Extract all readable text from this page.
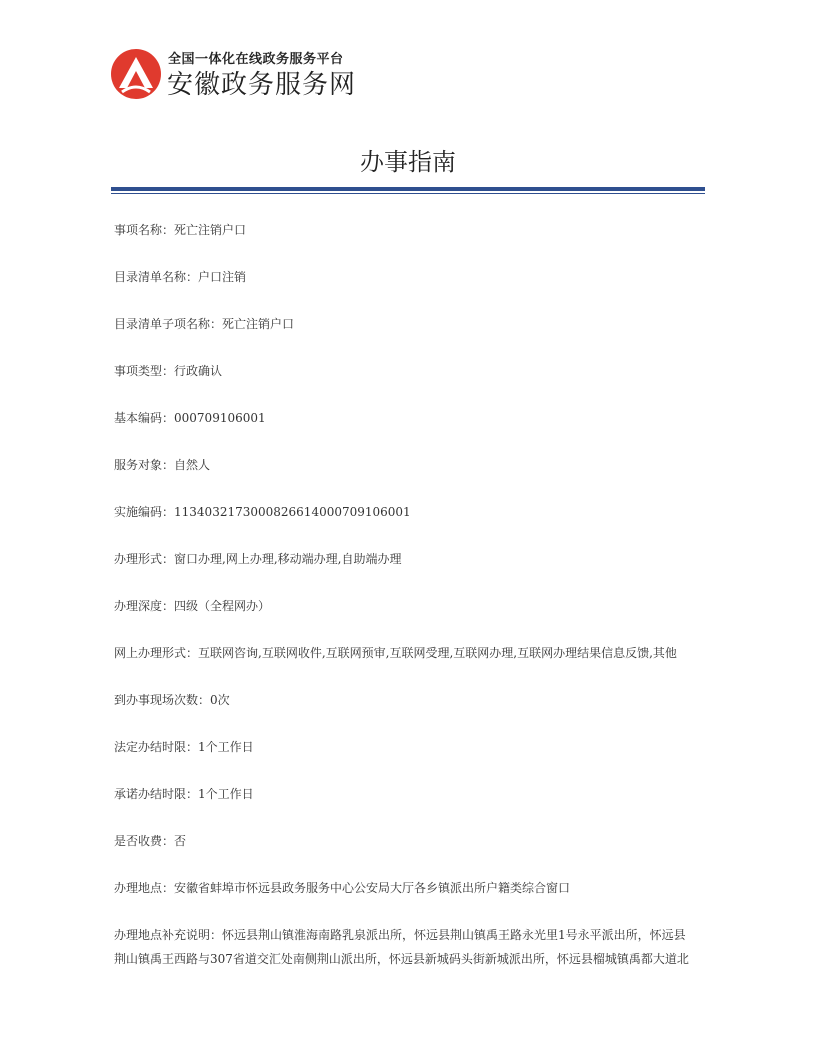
全国一体化在线政务服务平台
安徽政务服务网
办事指南

事项名称：死亡注销户口

目录清单名称：户口注销

目录清单子项名称：死亡注销户口

事项类型：行政确认

基本编码：000709106001

服务对象：自然人

实施编码：11340321730008266140007091060​01

办理形式：窗口办理,网上办理,移动端办理,自助端办理

办理深度：四级（全程网办）

网上办理形式：互联网咨询,互联网收件,互联网预审,互联网受理,互联网办理,互联网办理结果信息反馈,其他

到办事现场次数：0次

法定办结时限：1个工作日

承诺办结时限：1个工作日

是否收费：否

办理地点：安徽省蚌埠市怀远县政务服务中心公安局大厅各乡镇派出所户籍类综合窗口

办理地点补充说明：怀远县荆山镇淮海南路乳泉派出所，怀远县荆山镇禹王路永光里1号永平派出所，怀远县荆山镇禹王西路与307省道交汇处南侧荆山派出所，怀远县新城码头街新城派出所，怀远县榴城镇禹都大道北
